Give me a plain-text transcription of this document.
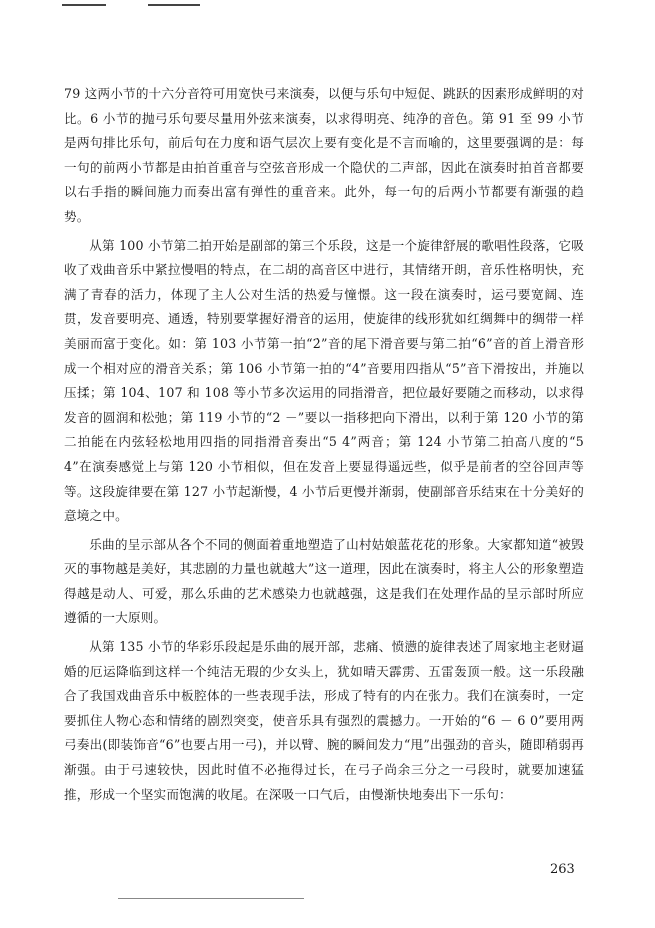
79 这两小节的十六分音符可用宽快弓来演奏，以便与乐句中短促、跳跃的因素形成鲜明的对比。6 小节的抛弓乐句要尽量用外弦来演奏，以求得明亮、纯净的音色。第 91 至 99 小节是两句排比乐句，前后句在力度和语气层次上要有变化是不言而喻的，这里要强调的是：每一句的前两小节都是由拍首重音与空弦音形成一个隐伏的二声部，因此在演奏时拍首音都要以右手指的瞬间施力而奏出富有弹性的重音来。此外，每一句的后两小节都要有渐强的趋势。

从第 100 小节第二拍开始是副部的第三个乐段，这是一个旋律舒展的歌唱性段落，它吸收了戏曲音乐中紧拉慢唱的特点，在二胡的高音区中进行，其情绪开朗，音乐性格明快，充满了青春的活力，体现了主人公对生活的热爱与憧憬。这一段在演奏时，运弓要宽阔、连贯，发音要明亮、通透，特别要掌握好滑音的运用，使旋律的线形犹如红绸舞中的绸带一样美丽而富于变化。如：第 103 小节第一拍“2̇”音的尾下滑音要与第二拍“6̇”音的首上滑音形成一个相对应的滑音关系；第 106 小节第一拍的“4̇”音要用四指从“5̇”音下滑按出，并施以压揉；第 104、107 和 108 等小节多次运用的同指滑音，把位最好要随之而移动，以求得发音的圆润和松弛；第 119 小节的“2 －”要以一指移把向下滑出，以利于第 120 小节的第二拍能在内弦轻松地用四指的同指滑音奏出“5 4”两音；第 124 小节第二拍高八度的“5 4”在演奏感觉上与第 120 小节相似，但在发音上要显得遥远些，似乎是前者的空谷回声等等。这段旋律要在第 127 小节起渐慢，4 小节后更慢并渐弱，使副部音乐结束在十分美好的意境之中。

乐曲的呈示部从各个不同的侧面着重地塑造了山村姑娘蓝花花的形象。大家都知道“被毁灭的事物越是美好，其悲剧的力量也就越大”这一道理，因此在演奏时，将主人公的形象塑造得越是动人、可爱，那么乐曲的艺术感染力也就越强，这是我们在处理作品的呈示部时所应遵循的一大原则。

从第 135 小节的华彩乐段起是乐曲的展开部，悲痛、愤懑的旋律表述了周家地主老财逼婚的厄运降临到这样一个纯洁无瑕的少女头上，犹如晴天霹雳、五雷轰顶一般。这一乐段融合了我国戏曲音乐中板腔体的一些表现手法，形成了特有的内在张力。我们在演奏时，一定要抓住人物心态和情绪的剧烈突变，使音乐具有强烈的震撼力。一开始的“6 － 6 0”要用两弓奏出(即装饰音“6”也要占用一弓)，并以臂、腕的瞬间发力“甩”出强劲的音头，随即稍弱再渐强。由于弓速较快，因此时值不必拖得过长，在弓子尚余三分之一弓段时，就要加速猛推，形成一个坚实而饱满的收尾。在深吸一口气后，由慢渐快地奏出下一乐句：

263
